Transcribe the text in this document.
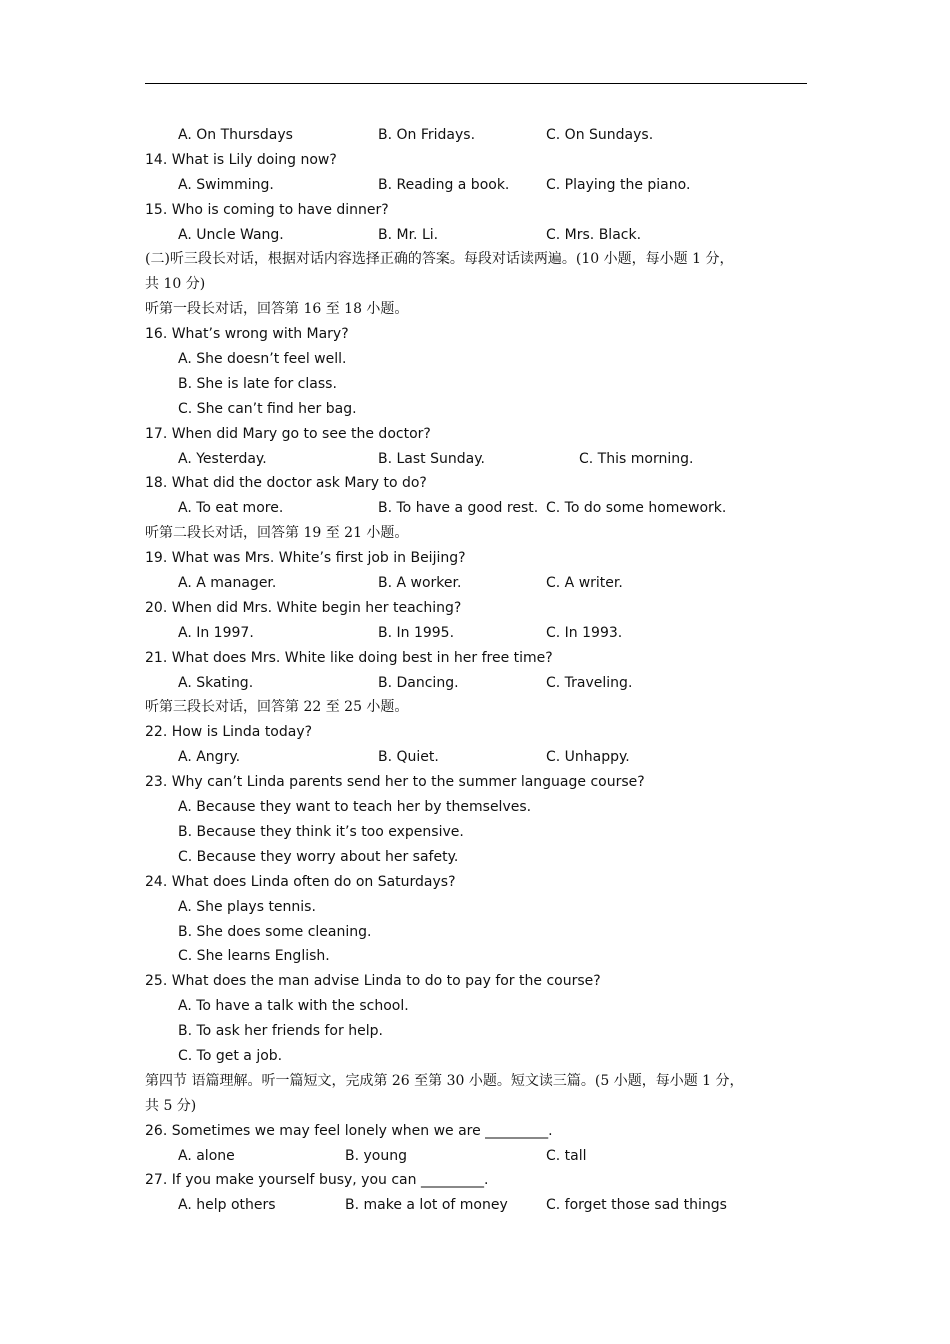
A. On Thursdays	B. On Fridays.	C. On Sundays.
14. What is Lily doing now?
A. Swimming.	B. Reading a book.	C. Playing the piano.
15. Who is coming to have dinner?
A. Uncle Wang.	B. Mr. Li.	C. Mrs. Black.
(二)听三段长对话，根据对话内容选择正确的答案。每段对话读两遍。(10 小题，每小题 1 分，
共 10 分)
听第一段长对话，回答第 16 至 18 小题。
16. What’s wrong with Mary?
A. She doesn’t feel well.
B. She is late for class.
C. She can’t find her bag.
17. When did Mary go to see the doctor?
A. Yesterday.	B. Last Sunday.	C. This morning.
18. What did the doctor ask Mary to do?
A. To eat more.	B. To have a good rest. C. To do some homework.
听第二段长对话，回答第 19 至 21 小题。
19. What was Mrs. White’s first job in Beijing?
A. A manager.	B. A worker.	C. A writer.
20. When did Mrs. White begin her teaching?
A. In 1997.	B. In 1995.	C. In 1993.
21. What does Mrs. White like doing best in her free time?
A. Skating.	B. Dancing.	C. Traveling.
听第三段长对话，回答第 22 至 25 小题。
22. How is Linda today?
A. Angry.	B. Quiet.	C. Unhappy.
23. Why can’t Linda parents send her to the summer language course?
A. Because they want to teach her by themselves.
B. Because they think it’s too expensive.
C. Because they worry about her safety.
24. What does Linda often do on Saturdays?
A. She plays tennis.
B. She does some cleaning.
C. She learns English.
25. What does the man advise Linda to do to pay for the course?
A. To have a talk with the school.
B. To ask her friends for help.
C. To get a job.
第四节 语篇理解。听一篇短文，完成第 26 至第 30 小题。短文读三篇。(5 小题，每小题 1 分，
共 5 分)
26. Sometimes we may feel lonely when we are _________.
A. alone	B. young	C. tall
27. If you make yourself busy, you can _________.
A. help others	B. make a lot of money	C. forget those sad things
